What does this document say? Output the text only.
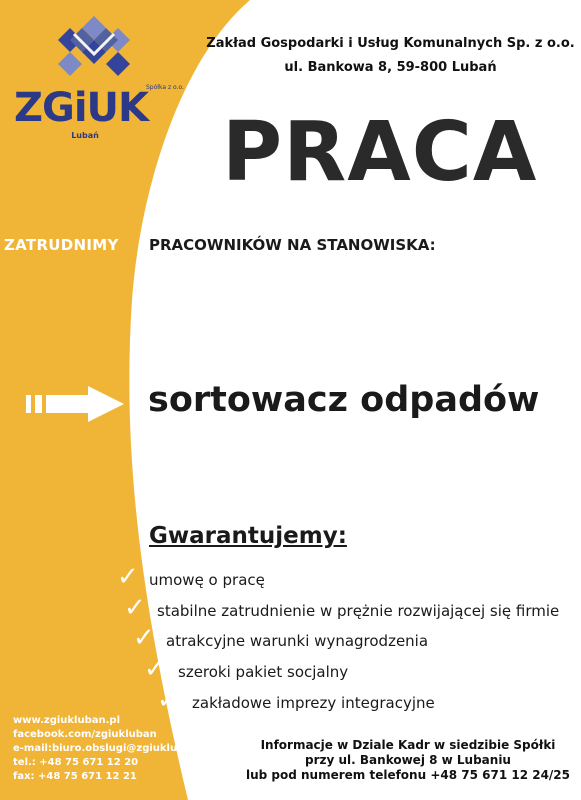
ZGiUK
Spółka z o.o.
Lubań
Zakład Gospodarki i Usług Komunalnych Sp. z o.o.
ul. Bankowa 8, 59-800 Lubań
PRACA
ZATRUDNIMY PRACOWNIKÓW NA STANOWISKA:
sortowacz odpadów
Gwarantujemy:
✓ umowę o pracę
✓ stabilne zatrudnienie w prężnie rozwijającej się firmie
✓ atrakcyjne warunki wynagrodzenia
✓ szeroki pakiet socjalny
✓ zakładowe imprezy integracyjne
www.zgiukluban.pl
facebook.com/zgiukluban
e-mail:biuro.obslugi@zgiukluban.pl
tel.: +48 75 671 12 20
fax: +48 75 671 12 21
Informacje w Dziale Kadr w siedzibie Spółki
przy ul. Bankowej 8 w Lubaniu
lub pod numerem telefonu +48 75 671 12 24/25
